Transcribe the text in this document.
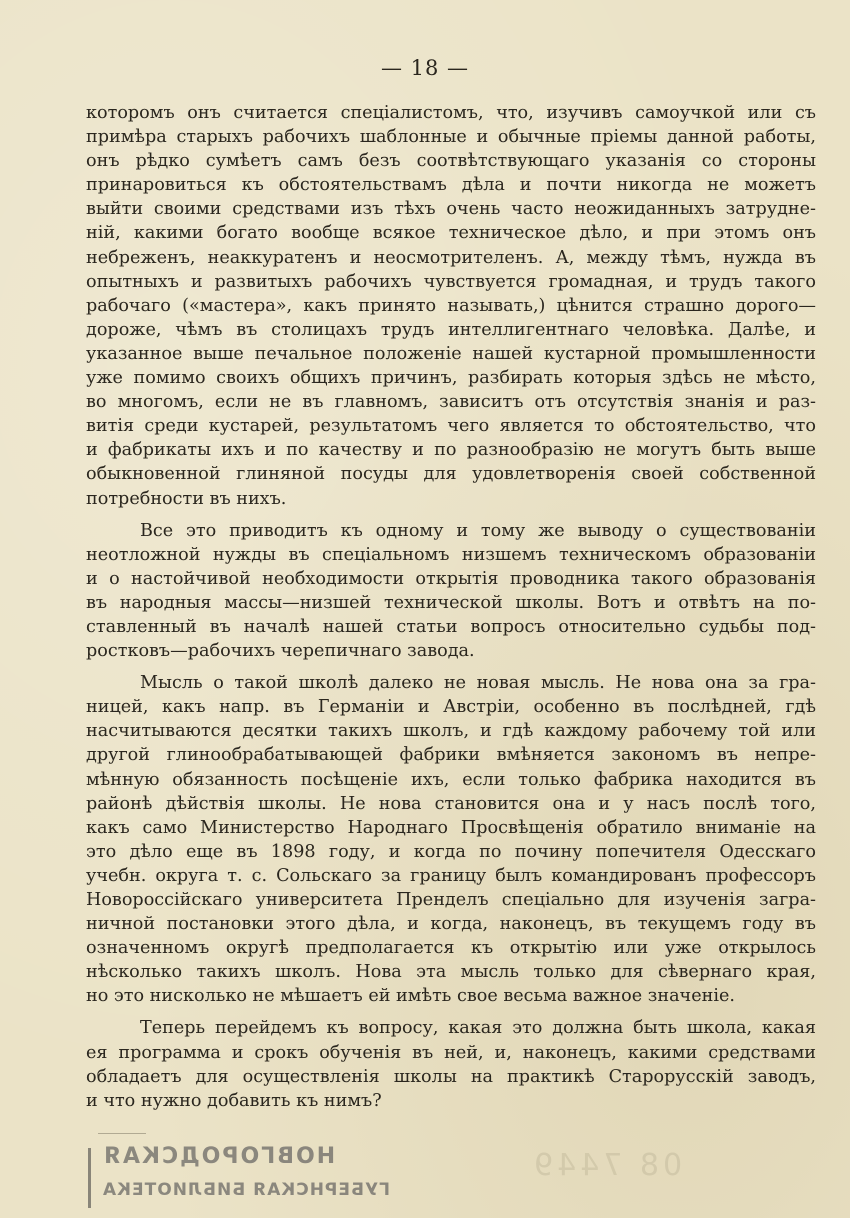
— 18 —
которомъ онъ считается спеціалистомъ, что, изучивъ самоучкой или съ
примѣра старыхъ рабочихъ шаблонные и обычные пріемы данной работы,
онъ рѣдко сумѣетъ самъ безъ соотвѣтствующаго указанія со стороны
принаровиться къ обстоятельствамъ дѣла и почти никогда не можетъ
выйти своими средствами изъ тѣхъ очень часто неожиданныхъ затрудне-
ній, какими богато вообще всякое техническое дѣло, и при этомъ онъ
небреженъ, неаккуратенъ и неосмотрителенъ. А, между тѣмъ, нужда въ
опытныхъ и развитыхъ рабочихъ чувствуется громадная, и трудъ такого
рабочаго («мастера», какъ принято называть,) цѣнится страшно дорого—
дороже, чѣмъ въ столицахъ трудъ интеллигентнаго человѣка. Далѣе, и
указанное выше печальное положеніе нашей кустарной промышленности
уже помимо своихъ общихъ причинъ, разбирать которыя здѣсь не мѣсто,
во многомъ, если не въ главномъ, зависитъ отъ отсутствія знанія и раз-
витія среди кустарей, результатомъ чего является то обстоятельство, что
и фабрикаты ихъ и по качеству и по разнообразію не могутъ быть выше
обыкновенной глиняной посуды для удовлетворенія своей собственной
потребности въ нихъ.
Все это приводитъ къ одному и тому же выводу о существованіи
неотложной нужды въ спеціальномъ низшемъ техническомъ образованіи
и о настойчивой необходимости открытія проводника такого образованія
въ народныя массы—низшей технической школы. Вотъ и отвѣтъ на по-
ставленный въ началѣ нашей статьи вопросъ относительно судьбы под-
ростковъ—рабочихъ черепичнаго завода.
Мысль о такой школѣ далеко не новая мысль. Не нова она за гра-
ницей, какъ напр. въ Германіи и Австріи, особенно въ послѣдней, гдѣ
насчитываются десятки такихъ школъ, и гдѣ каждому рабочему той или
другой глинообрабатывающей фабрики вмѣняется закономъ въ непре-
мѣнную обязанность посѣщеніе ихъ, если только фабрика находится въ
районѣ дѣйствія школы. Не нова становится она и у насъ послѣ того,
какъ само Министерство Народнаго Просвѣщенія обратило вниманіе на
это дѣло еще въ 1898 году, и когда по почину попечителя Одесскаго
учебн. округа т. с. Сольскаго за границу былъ командированъ профессоръ
Новороссійскаго университета Пренделъ спеціально для изученія загра-
ничной постановки этого дѣла, и когда, наконецъ, въ текущемъ году въ
означенномъ округѣ предполагается къ открытію или уже открылось
нѣсколько такихъ школъ. Нова эта мысль только для сѣвернаго края,
но это нисколько не мѣшаетъ ей имѣть свое весьма важное значеніе.
Теперь перейдемъ къ вопросу, какая это должна быть школа, какая
ея программа и срокъ обученія въ ней, и, наконецъ, какими средствами
обладаетъ для осуществленія школы на практикѣ Старорусскій заводъ,
и что нужно добавить къ нимъ?
НОВГОРОДСКАЯ
ГУБЕРНСКАЯ БИБЛИОТЕКА
08 7449
